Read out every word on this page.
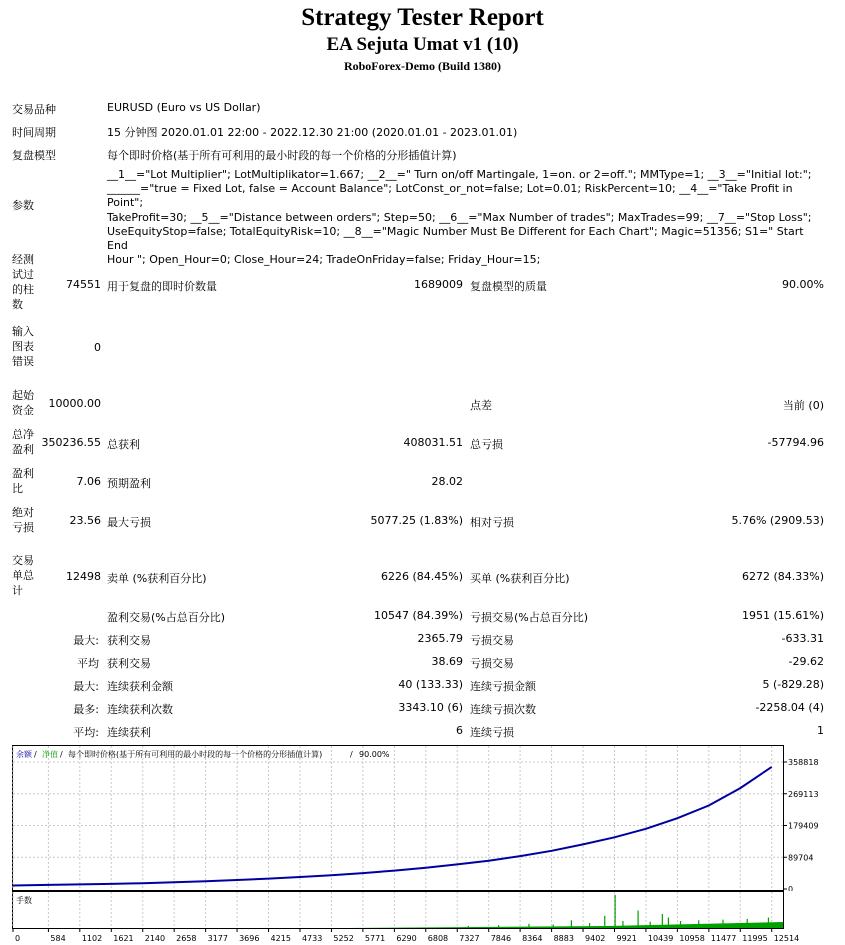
Strategy Tester Report
EA Sejuta Umat v1 (10)
RoboForex-Demo (Build 1380)
交易品种	EURUSD (Euro vs US Dollar)
时间周期	15 分钟图 2020.01.01 22:00 - 2022.12.30 21:00 (2020.01.01 - 2023.01.01)
复盘模型	每个即时价格(基于所有可利用的最小时段的每一个价格的分形插值计算)
参数
__1__="Lot Multiplier"; LotMultiplikator=1.667; __2__=" Turn on/off Martingale, 1=on. or 2=off."; MMType=1; __3__="Initial lot:";
______="true = Fixed Lot, false = Account Balance"; LotConst_or_not=false; Lot=0.01; RiskPercent=10; __4__="Take Profit in Point";
TakeProfit=30; __5__="Distance between orders"; Step=50; __6__="Max Number of trades"; MaxTrades=99; __7__="Stop Loss";
UseEquityStop=false; TotalEquityRisk=10; __8__="Magic Number Must Be Different for Each Chart"; Magic=51356; S1=" Start End
Hour "; Open_Hour=0; Close_Hour=24; TradeOnFriday=false; Friday_Hour=15;
经测
试过
的柱
数
74551 用于复盘的即时价数量	1689009 复盘模型的质量	90.00%
输入
图表
错误
0
起始
资金
10000.00	点差	当前 (0)
总净
盈利
350236.55 总获利	408031.51 总亏损	-57794.96
盈利
比
7.06 预期盈利	28.02
绝对
亏损
23.56 最大亏损	5077.25 (1.83%) 相对亏损	5.76% (2909.53)
交易
单总
计
12498 卖单 (%获利百分比)	6226 (84.45%) 买单 (%获利百分比)	6272 (84.33%)
盈利交易(%占总百分比)	10547 (84.39%) 亏损交易(%占总百分比)	1951 (15.61%)
最大: 获利交易	2365.79 亏损交易	-633.31
平均 获利交易	38.69 亏损交易	-29.62
最大: 连续获利金额	40 (133.33) 连续亏损金额	5 (-829.28)
最多: 连续获利次数	3343.10 (6) 连续亏损次数	-2258.04 (4)
平均: 连续获利	6 连续亏损	1
358818
269113
179409
89704
0
余额 / 净值 / 每个即时价格(基于所有可利用的最小时段的每一个价格的分形插值计算)	/ 90.00%
0	584 1102 1621 2140 2658 3177 3696 4215 4733 5252 5771 6290 6808 7327 7846 8364 8883 9402 9921 10439 10958 11477 11995 12514
手数
